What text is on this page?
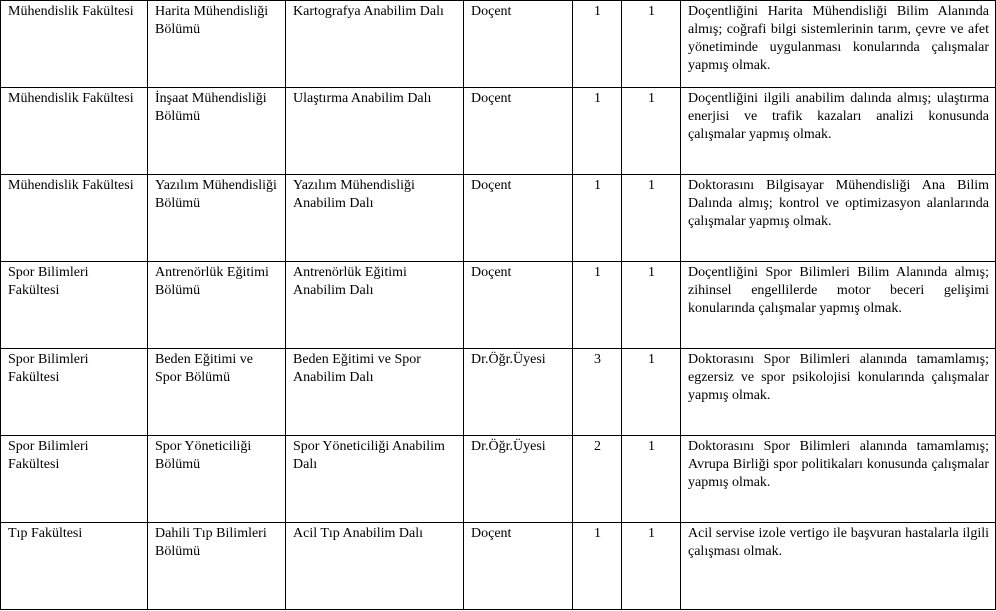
Mühendislik Fakültesi	Harita Mühendisliği Bölümü	Kartografya Anabilim Dalı	Doçent	1	1	Doçentliğini Harita Mühendisliği Bilim Alanında almış; coğrafi bilgi sistemlerinin tarım, çevre ve afet yönetiminde uygulanması konularında çalışmalar yapmış olmak.
Mühendislik Fakültesi	İnşaat Mühendisliği Bölümü	Ulaştırma Anabilim Dalı	Doçent	1	1	Doçentliğini ilgili anabilim dalında almış; ulaştırma enerjisi ve trafik kazaları analizi konusunda çalışmalar yapmış olmak.
Mühendislik Fakültesi	Yazılım Mühendisliği Bölümü	Yazılım Mühendisliği Anabilim Dalı	Doçent	1	1	Doktorasını Bilgisayar Mühendisliği Ana Bilim Dalında almış; kontrol ve optimizasyon alanlarında çalışmalar yapmış olmak.
Spor Bilimleri Fakültesi	Antrenörlük Eğitimi Bölümü	Antrenörlük Eğitimi Anabilim Dalı	Doçent	1	1	Doçentliğini Spor Bilimleri Bilim Alanında almış; zihinsel engellilerde motor beceri gelişimi konularında çalışmalar yapmış olmak.
Spor Bilimleri Fakültesi	Beden Eğitimi ve Spor Bölümü	Beden Eğitimi ve Spor Anabilim Dalı	Dr.Öğr.Üyesi	3	1	Doktorasını Spor Bilimleri alanında tamamlamış; egzersiz ve spor psikolojisi konularında çalışmalar yapmış olmak.
Spor Bilimleri Fakültesi	Spor Yöneticiliği Bölümü	Spor Yöneticiliği Anabilim Dalı	Dr.Öğr.Üyesi	2	1	Doktorasını Spor Bilimleri alanında tamamlamış; Avrupa Birliği spor politikaları konusunda çalışmalar yapmış olmak.
Tıp Fakültesi	Dahili Tıp Bilimleri Bölümü	Acil Tıp Anabilim Dalı	Doçent	1	1	Acil servise izole vertigo ile başvuran hastalarla ilgili çalışması olmak.
